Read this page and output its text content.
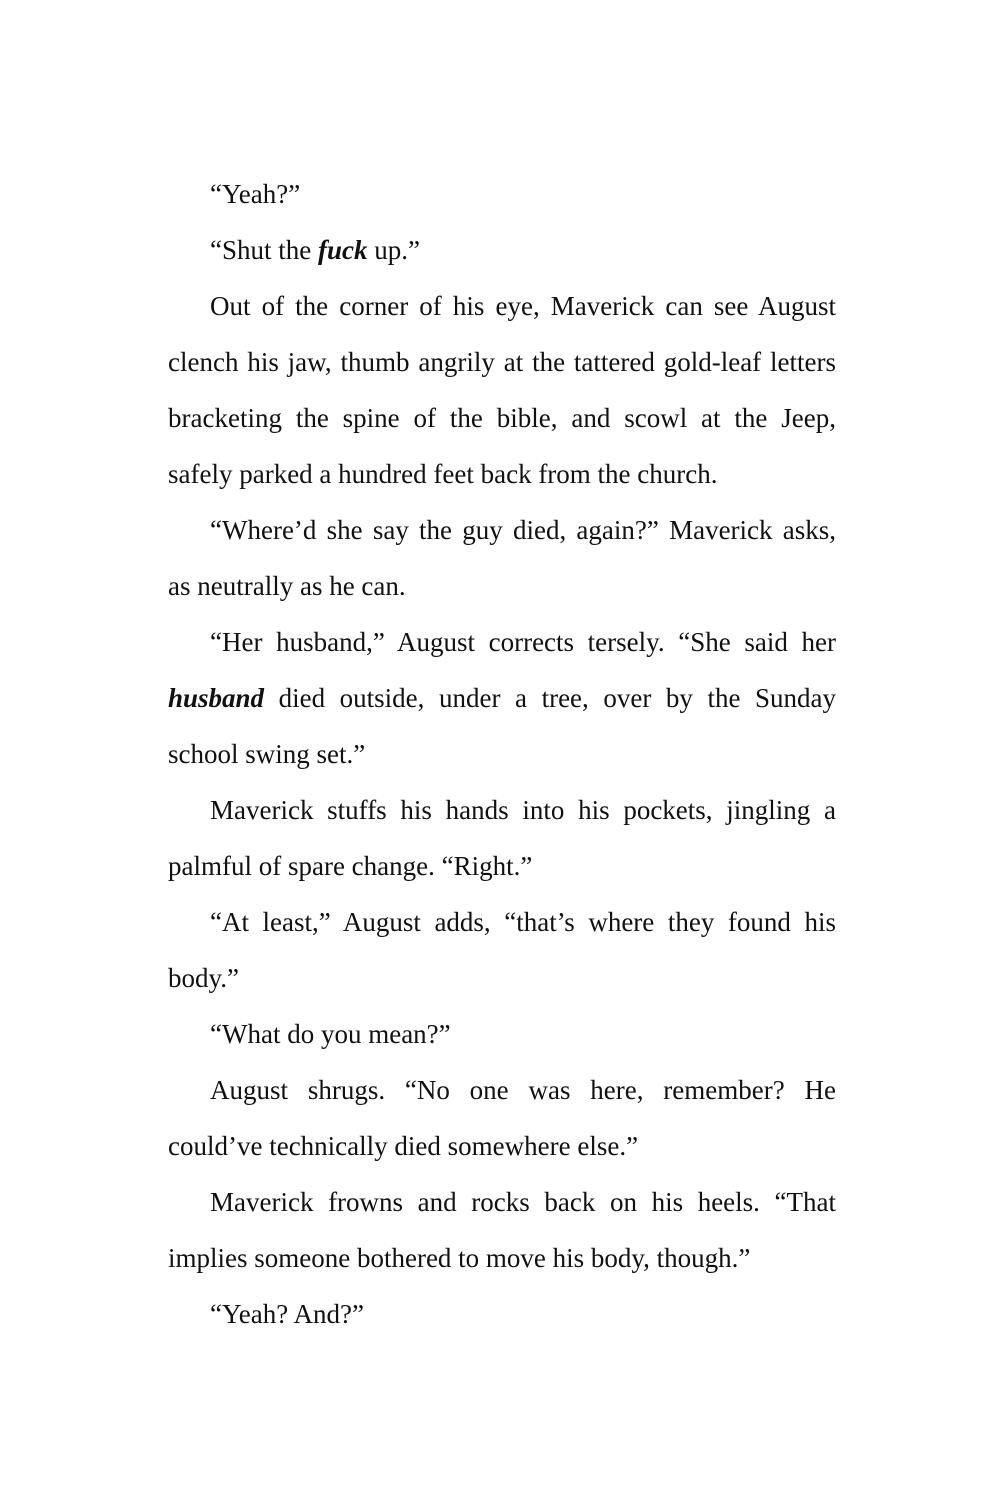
“Yeah?”

“Shut the fuck up.”

Out of the corner of his eye, Maverick can see August clench his jaw, thumb angrily at the tattered gold-leaf letters bracketing the spine of the bible, and scowl at the Jeep, safely parked a hundred feet back from the church.

“Where’d she say the guy died, again?” Maverick asks, as neutrally as he can.

“Her husband,” August corrects tersely. “She said her husband died outside, under a tree, over by the Sunday school swing set.”

Maverick stuffs his hands into his pockets, jingling a palmful of spare change. “Right.”

“At least,” August adds, “that’s where they found his body.”

“What do you mean?”

August shrugs. “No one was here, remember? He could’ve technically died somewhere else.”

Maverick frowns and rocks back on his heels. “That implies someone bothered to move his body, though.”

“Yeah? And?”
